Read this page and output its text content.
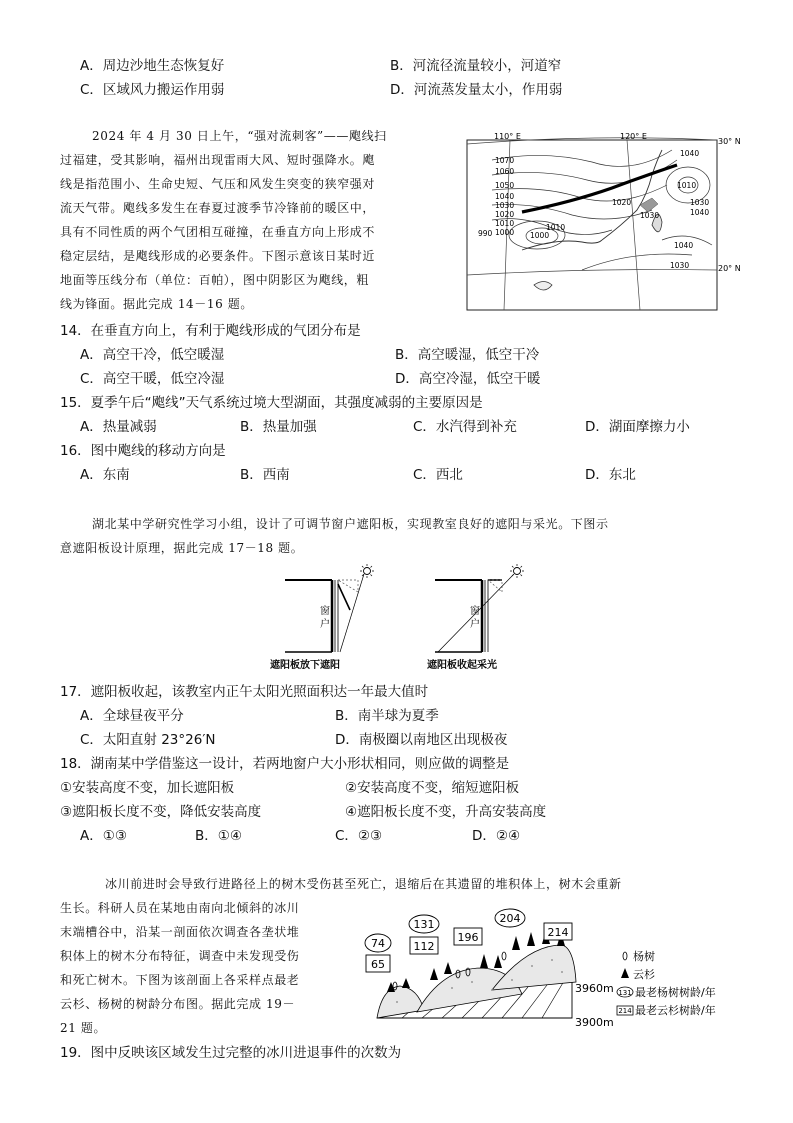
A．周边沙地生态恢复好	B．河流径流量较小，河道窄
C．区域风力搬运作用弱	D．河流蒸发量太小，作用弱
2024 年 4 月 30 日上午，“强对流刺客”——飑线扫
过福建，受其影响，福州出现雷雨大风、短时强降水。飑
线是指范围小、生命史短、气压和风发生突变的狭窄强对
流天气带。飑线多发生在春夏过渡季节冷锋前的暖区中，
具有不同性质的两个气团相互碰撞，在垂直方向上形成不
稳定层结，是飑线形成的必要条件。下图示意该日某时近
地面等压线分布（单位：百帕），图中阴影区为飑线，粗
线为锋面。据此完成 14－16 题。
110° E	120° E
30° N
20° N
1070
1060
1050
1040
1030
1020
1010
1000
990	1000
1010
1040
1010
1030
1040
1020
1030
1040
1030
14．在垂直方向上，有利于飑线形成的气团分布是
A．高空干冷，低空暖湿	B．高空暖湿，低空干冷
C．高空干暖，低空冷湿	D．高空冷湿，低空干暖
15．夏季午后“飑线”天气系统过境大型湖面，其强度减弱的主要原因是
A．热量减弱	B．热量加强	C．水汽得到补充	D．湖面摩擦力小
16．图中飑线的移动方向是
A．东南	B．西南	C．西北	D．东北
湖北某中学研究性学习小组，设计了可调节窗户遮阳板，实现教室良好的遮阳与采光。下图示
意遮阳板设计原理，据此完成 17－18 题。
窗
户
遮阳板放下遮阳
窗
户
遮阳板收起采光
17．遮阳板收起，该教室内正午太阳光照面积达一年最大值时
A．全球昼夜平分	B．南半球为夏季
C．太阳直射 23°26′N	D．南极圈以南地区出现极夜
18．湖南某中学借鉴这一设计，若两地窗户大小形状相同，则应做的调整是
①安装高度不变，加长遮阳板	②安装高度不变，缩短遮阳板
③遮阳板长度不变，降低安装高度	④遮阳板长度不变，升高安装高度
A．①③	B．①④	C．②③	D．②④
冰川前进时会导致行进路径上的树木受伤甚至死亡，退缩后在其遗留的堆积体上，树木会重新
生长。科研人员在某地由南向北倾斜的冰川
末端槽谷中，沿某一剖面依次调查各垄状堆
积体上的树木分布特征，调查中未发现受伤
和死亡树木。下图为该剖面上各采样点最老
云杉、杨树的树龄分布图。据此完成 19－
21 题。
74
65
131
112
196
204
214
3960m
3900m
杨树
云杉
131 最老杨树树龄/年
214 最老云杉树龄/年
19．图中反映该区域发生过完整的冰川进退事件的次数为
